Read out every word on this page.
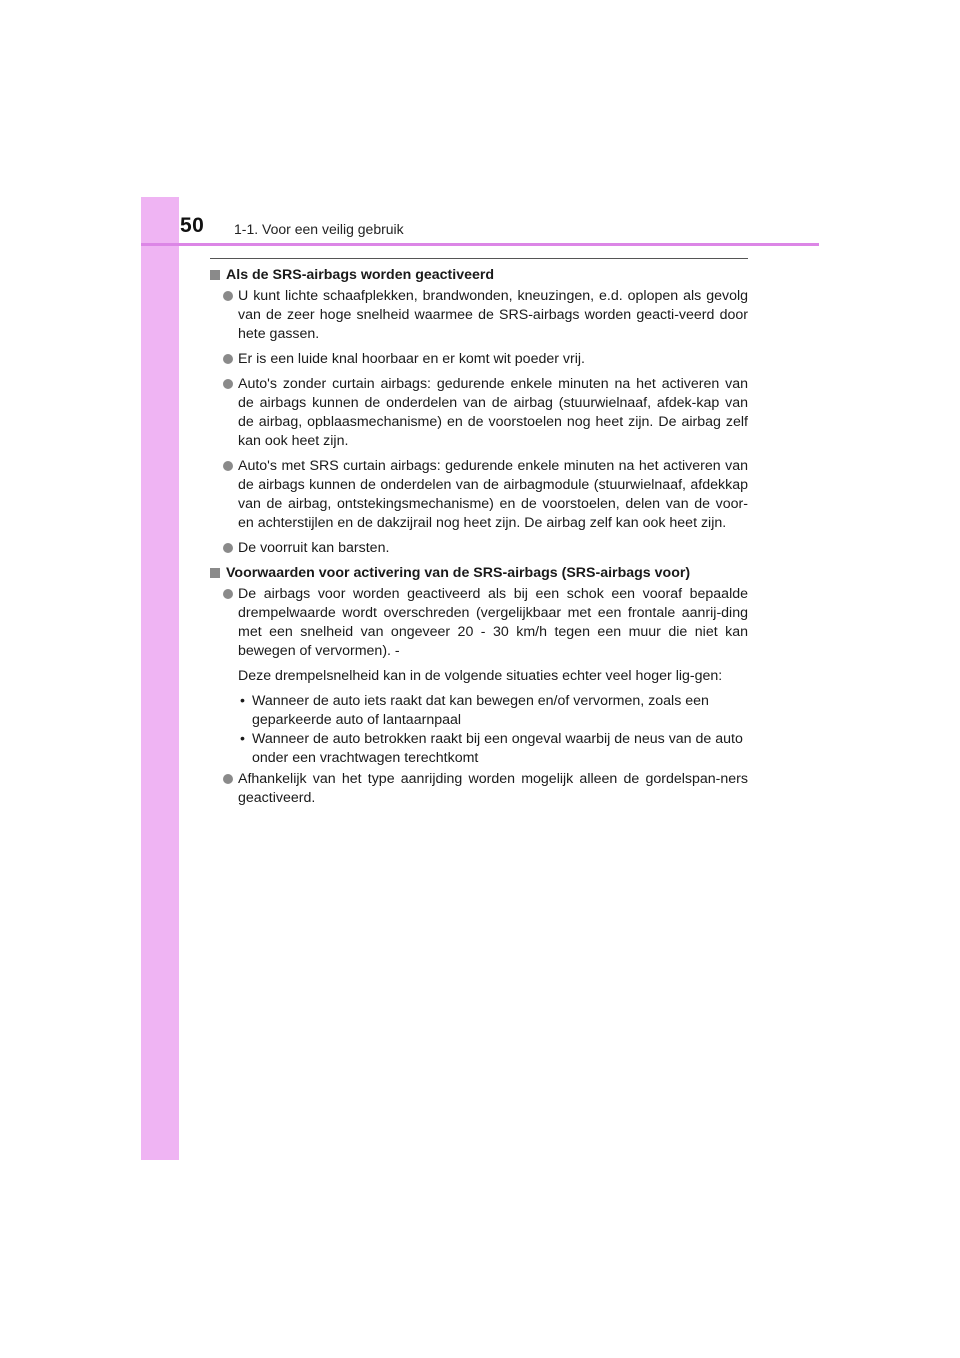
50 1-1. Voor een veilig gebruik
Als de SRS-airbags worden geactiveerd
U kunt lichte schaafplekken, brandwonden, kneuzingen, e.d. oplopen als gevolg van de zeer hoge snelheid waarmee de SRS-airbags worden geacti-veerd door hete gassen.
Er is een luide knal hoorbaar en er komt wit poeder vrij.
Auto's zonder curtain airbags: gedurende enkele minuten na het activeren van de airbags kunnen de onderdelen van de airbag (stuurwielnaaf, afdek-kap van de airbag, opblaasmechanisme) en de voorstoelen nog heet zijn. De airbag zelf kan ook heet zijn.
Auto's met SRS curtain airbags: gedurende enkele minuten na het activeren van de airbags kunnen de onderdelen van de airbagmodule (stuurwielnaaf, afdekkap van de airbag, ontstekingsmechanisme) en de voorstoelen, delen van de voor- en achterstijlen en de dakzijrail nog heet zijn. De airbag zelf kan ook heet zijn.
De voorruit kan barsten.
Voorwaarden voor activering van de SRS-airbags (SRS-airbags voor)
De airbags voor worden geactiveerd als bij een schok een vooraf bepaalde drempelwaarde wordt overschreden (vergelijkbaar met een frontale aanrij-ding met een snelheid van ongeveer 20 - 30 km/h tegen een muur die niet kan bewegen of vervormen). -
Deze drempelsnelheid kan in de volgende situaties echter veel hoger lig-gen:
• Wanneer de auto iets raakt dat kan bewegen en/of vervormen, zoals een geparkeerde auto of lantaarnpaal
• Wanneer de auto betrokken raakt bij een ongeval waarbij de neus van de auto onder een vrachtwagen terechtkomt
Afhankelijk van het type aanrijding worden mogelijk alleen de gordelspan-ners geactiveerd.
